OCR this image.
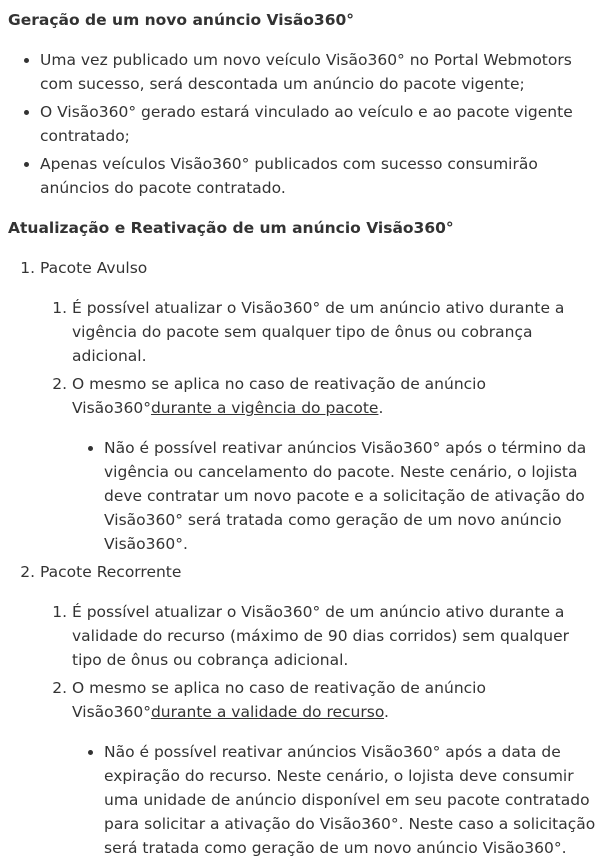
Geração de um novo anúncio Visão360°
• Uma vez publicado um novo veículo Visão360° no Portal Webmotors com sucesso, será descontada um anúncio do pacote vigente;
• O Visão360° gerado estará vinculado ao veículo e ao pacote vigente contratado;
• Apenas veículos Visão360° publicados com sucesso consumirão anúncios do pacote contratado.
Atualização e Reativação de um anúncio Visão360°
1. Pacote Avulso
1. É possível atualizar o Visão360° de um anúncio ativo durante a vigência do pacote sem qualquer tipo de ônus ou cobrança adicional.
2. O mesmo se aplica no caso de reativação de anúncio Visão360°durante a vigência do pacote.
• Não é possível reativar anúncios Visão360° após o término da vigência ou cancelamento do pacote. Neste cenário, o lojista deve contratar um novo pacote e a solicitação de ativação do Visão360° será tratada como geração de um novo anúncio Visão360°.
2. Pacote Recorrente
1. É possível atualizar o Visão360° de um anúncio ativo durante a validade do recurso (máximo de 90 dias corridos) sem qualquer tipo de ônus ou cobrança adicional.
2. O mesmo se aplica no caso de reativação de anúncio Visão360°durante a validade do recurso.
• Não é possível reativar anúncios Visão360° após a data de expiração do recurso. Neste cenário, o lojista deve consumir uma unidade de anúncio disponível em seu pacote contratado para solicitar a ativação do Visão360°. Neste caso a solicitação será tratada como geração de um novo anúncio Visão360°.
